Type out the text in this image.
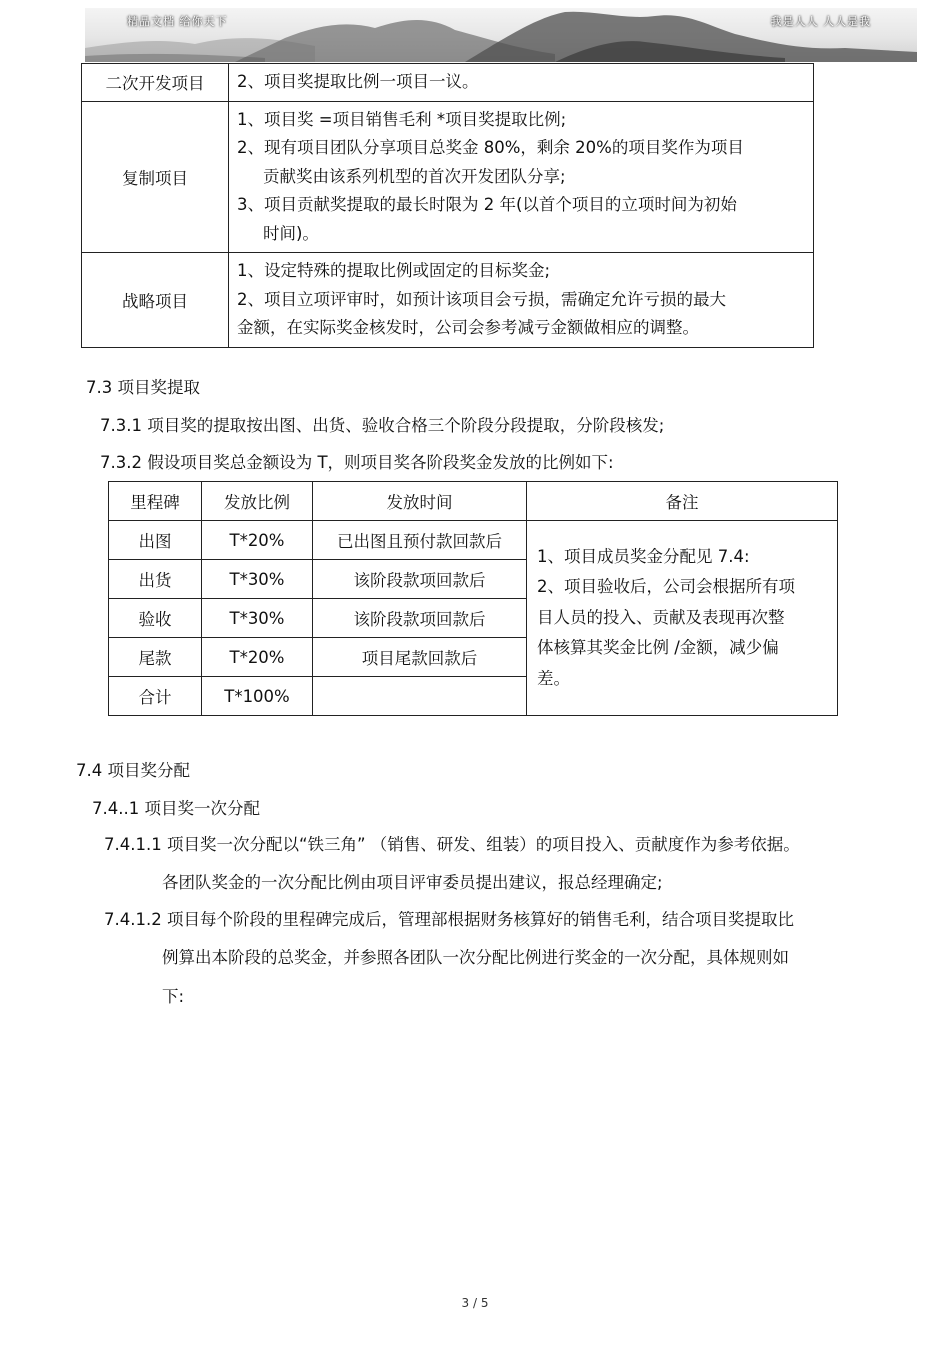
精品文档 给你天下	我是人人 人人是我
二次开发项目	2、项目奖提取比例一项目一议。

复制项目	1、项目奖 =项目销售毛利 *项目奖提取比例;
2、现有项目团队分享项目总奖金 80%，剩余 20%的项目奖作为项目
贡献奖由该系列机型的首次开发团队分享;
3、项目贡献奖提取的最长时限为 2 年(以首个项目的立项时间为初始
时间)。

战略项目	1、设定特殊的提取比例或固定的目标奖金;
2、项目立项评审时，如预计该项目会亏损，需确定允许亏损的最大
金额，在实际奖金核发时，公司会参考减亏金额做相应的调整。
7.3 项目奖提取
7.3.1 项目奖的提取按出图、出货、验收合格三个阶段分段提取，分阶段核发;
7.3.2 假设项目奖总金额设为 T，则项目奖各阶段奖金发放的比例如下:
里程碑	发放比例	发放时间	备注
出图	T*20%	已出图且预付款回款后	1、项目成员奖金分配见 7.4:
2、项目验收后，公司会根据所有项
目人员的投入、贡献及表现再次整
体核算其奖金比例 /金额，减少偏
差。

出货	T*30%	该阶段款项回款后	
验收	T*30%	该阶段款项回款后	
尾款	T*20%	项目尾款回款后	
合计	T*100%		
7.4 项目奖分配
7.4..1 项目奖一次分配
7.4.1.1 项目奖一次分配以“铁三角” （销售、研发、组装）的项目投入、贡献度作为参考依据。
各团队奖金的一次分配比例由项目评审委员提出建议，报总经理确定;
7.4.1.2 项目每个阶段的里程碑完成后，管理部根据财务核算好的销售毛利，结合项目奖提取比
例算出本阶段的总奖金，并参照各团队一次分配比例进行奖金的一次分配，具体规则如
下:
3 / 5
